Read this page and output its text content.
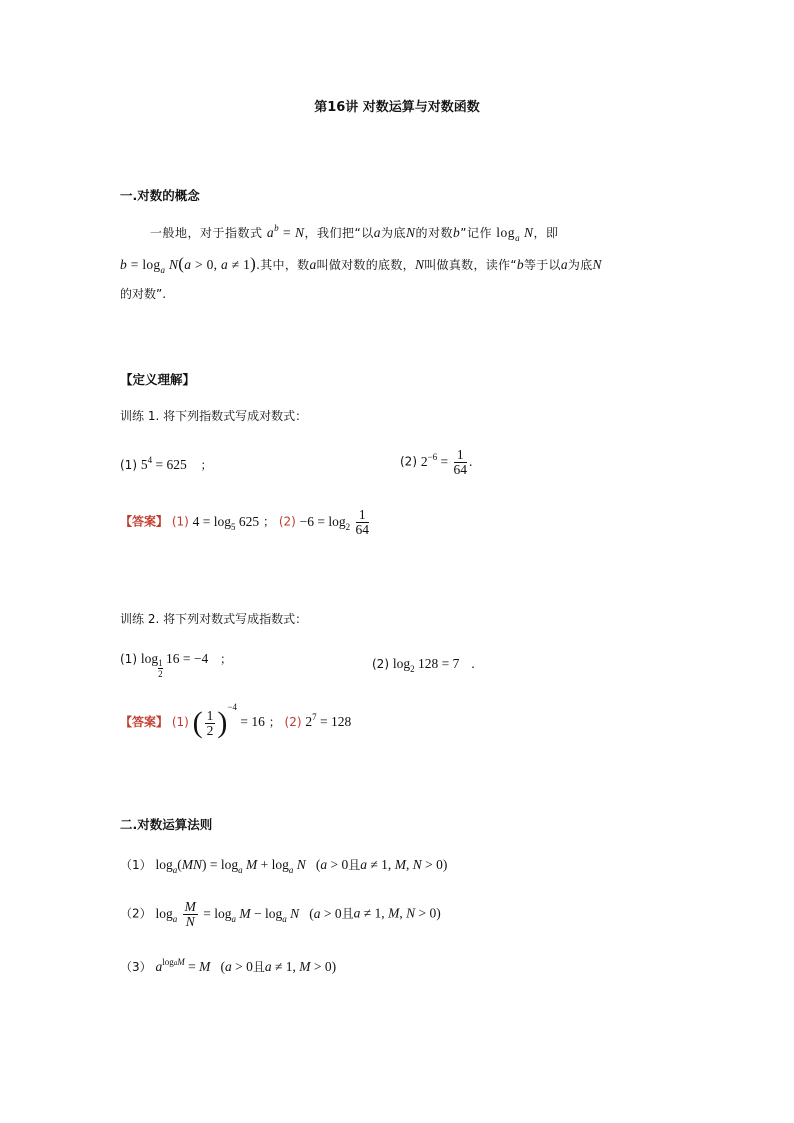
第16讲 对数运算与对数函数
一.对数的概念
一般地，对于指数式 $a^b = N$，我们把“以a为底N的对数b”记作 $\log_a N$，即
$b = \log_a N(a > 0$, a ≠ 1).其中，数a叫做对数的底数，N叫做真数，读作“b等于以a为底N
的对数”.
【定义理解】
训练 1. 将下列指数式写成对数式：
(1) $5^4 = 625$ ；	(2) $2^{-6} = \frac{1}{64}$ .
【答案】 (1) $4 = \log_5 625$ ； $(2) -6 = \log_2 \frac{1}{64}$
训练 2. 将下列对数式写成指数式：
(1) $\log \frac{1}{2} 16 = -4$ ；	(2) $\log_2 128 = 7$ .
【答案】 (1) ( $\frac{1}{2} )^{-4} = 16$ ； (2) $2^7 = 128$
二.对数运算法则
（1） $\log_a(MN) = \log_a M + \log_a N$   (a > 0且a ≠ 1, M, N > 0)
（2） $\log_a \frac{M}{N} = \log_a M - \log_a N$   (a > 0且a ≠ 1, M, N > 0)
（3） $a^{logaM} = M$   (a > 0且a ≠ 1, M > 0)
